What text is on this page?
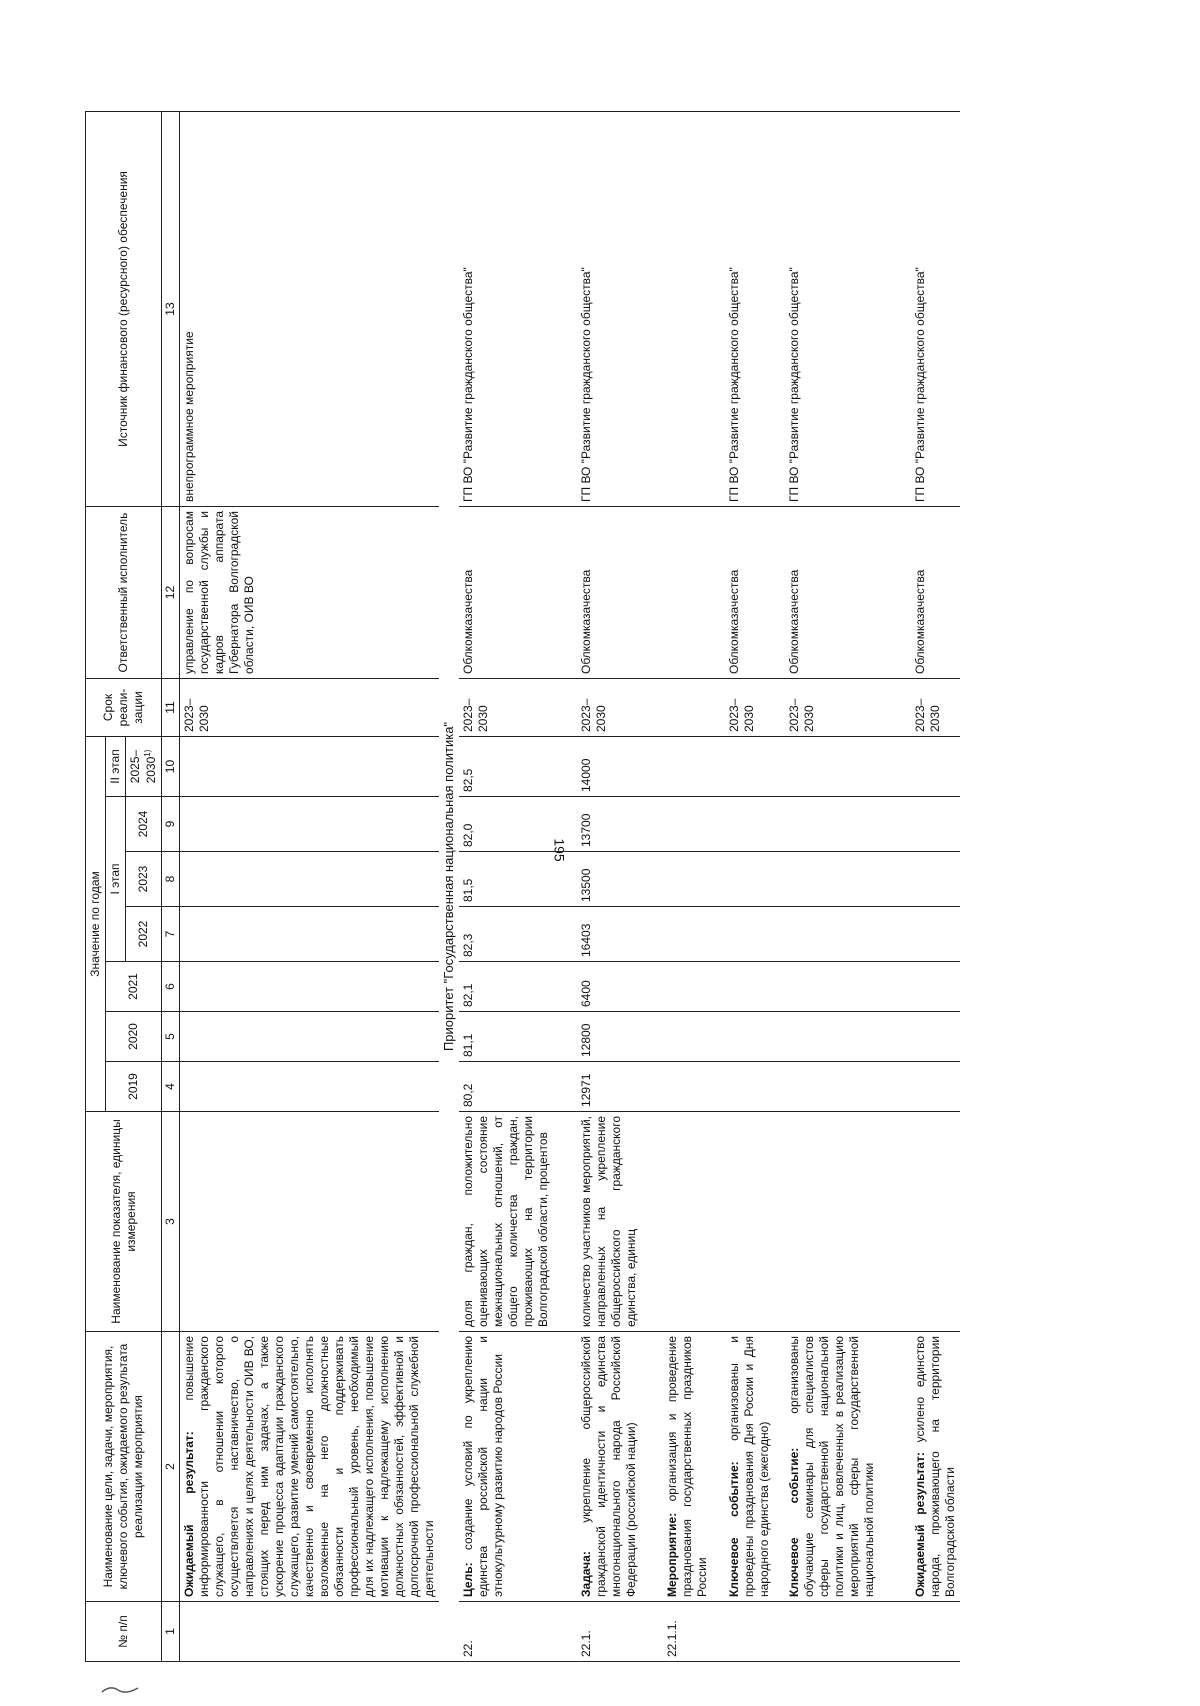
195
№ п/п	Наименование цели, задачи, мероприятия, ключевого события, ожидаемого результата реализации мероприятия	Наименование показателя, единицы измерения	Значение по годам							Срок реали-зации	Ответственный исполнитель	Источник финансового (ресурсного) обеспечения
			2019	2020	2021	I этап			II этап			
						2022	2023	2024	2025–2030$^{1)}$
1	2	3	4	5	6	7	8	9	10	11	12	13
	Ожидаемый результат: повышение информированности гражданского служащего, в отношении которого осуществляется наставничество, о направлениях и целях деятельности ОИВ ВО, стоящих перед ним задачах, а также ускорение процесса адаптации гражданского служащего, развитие умений самостоятельно, качественно и своевременно исполнять возложенные на него должностные обязанности и поддерживать профессиональный уровень, необходимый для их надлежащего исполнения, повышение мотивации к надлежащему исполнению должностных обязанностей, эффективной и долгосрочной профессиональной служебной деятельности									2023–2030	управление по вопросам государственной службы и кадров аппарата Губернатора Волгоградской области, ОИВ ВО	внепрограммное мероприятие
Приоритет "Государственная национальная политика"												
22.	Цель: создание условий по укреплению единства российской нации и этнокультурному развитию народов России	доля граждан, положительно оценивающих состояние межнациональных отношений, от общего количества граждан, проживающих на территории Волгоградской области, процентов	80,2	81,1	82,1	82,3	81,5	82,0	82,5	2023–2030	Облкомказачества	ГП ВО "Развитие гражданского общества"
22.1.	Задача: укрепление общероссийской гражданской идентичности и единства многонационального народа Российской Федерации (российской нации)	количество участников мероприятий, направленных на укрепление общероссийского гражданского единства, единиц	12971	12800	6400	16403	13500	13700	14000	2023–2030	Облкомказачества	ГП ВО "Развитие гражданского общества"
22.1.1.	Мероприятие: организация и проведение празднования государственных праздников России											
	Ключевое событие: организованы и проведены празднования Дня России и Дня народного единства (ежегодно)									2023–2030	Облкомказачества	ГП ВО "Развитие гражданского общества"
	Ключевое событие: организованы обучающие семинары для специалистов сферы государственной национальной политики и лиц, вовлеченных в реализацию мероприятий сферы государственной национальной политики									2023–2030	Облкомказачества	ГП ВО "Развитие гражданского общества"
	Ожидаемый результат: усилено единство народа, проживающего на территории Волгоградской области									2023–2030	Облкомказачества	ГП ВО "Развитие гражданского общества"
